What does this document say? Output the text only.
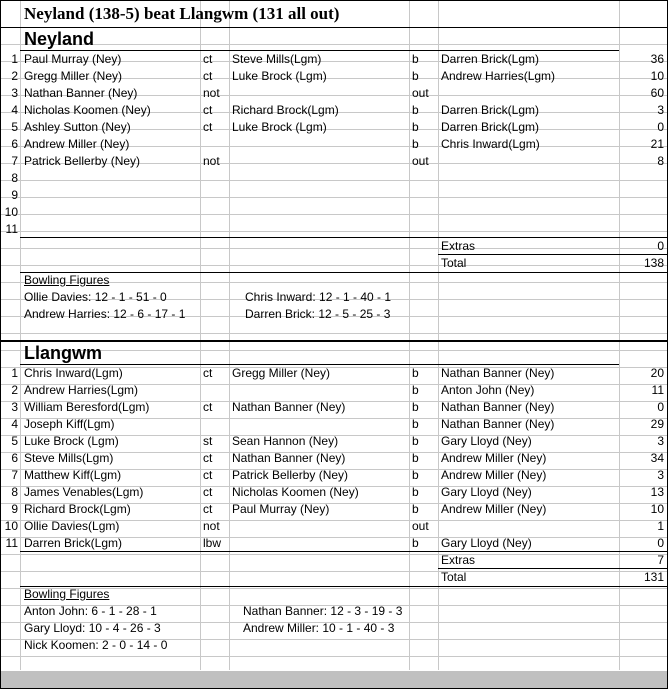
Neyland (138-5) beat Llangwm (131 all out)
Neyland
1 Paul Murray (Ney)	ct Steve Mills(Lgm)	b Darren Brick(Lgm)	36
2 Gregg Miller (Ney)	ct Luke Brock (Lgm)	b Andrew Harries(Lgm)	10
3 Nathan Banner (Ney)	not	out	60
4 Nicholas Koomen (Ney)	ct Richard Brock(Lgm)	b Darren Brick(Lgm)	3
5 Ashley Sutton (Ney)	ct Luke Brock (Lgm)	b Darren Brick(Lgm)	0
6 Andrew Miller (Ney)	b Chris Inward(Lgm)	21
7 Patrick Bellerby (Ney)	not	out	8
8
9
10
11
Extras	0
Total	138
Bowling Figures
Ollie Davies: 12 - 1 - 51 - 0	Chris Inward: 12 - 1 - 40 - 1
Andrew Harries: 12 - 6 - 17 - 1	Darren Brick: 12 - 5 - 25 - 3
Llangwm
1 Chris Inward(Lgm)	ct Gregg Miller (Ney)	b Nathan Banner (Ney)	20
2 Andrew Harries(Lgm)	b Anton John (Ney)	11
3 William Beresford(Lgm)	ct Nathan Banner (Ney)	b Nathan Banner (Ney)	0
4 Joseph Kiff(Lgm)	b Nathan Banner (Ney)	29
5 Luke Brock (Lgm)	st Sean Hannon (Ney)	b Gary Lloyd (Ney)	3
6 Steve Mills(Lgm)	ct Nathan Banner (Ney)	b Andrew Miller (Ney)	34
7 Matthew Kiff(Lgm)	ct Patrick Bellerby (Ney)	b Andrew Miller (Ney)	3
8 James Venables(Lgm)	ct Nicholas Koomen (Ney)	b Gary Lloyd (Ney)	13
9 Richard Brock(Lgm)	ct Paul Murray (Ney)	b Andrew Miller (Ney)	10
10 Ollie Davies(Lgm)	not	out	1
11 Darren Brick(Lgm)	lbw	b Gary Lloyd (Ney)	0
Extras	7
Total	131
Bowling Figures
Anton John: 6 - 1 - 28 - 1	Nathan Banner: 12 - 3 - 19 - 3
Gary Lloyd: 10 - 4 - 26 - 3	Andrew Miller: 10 - 1 - 40 - 3
Nick Koomen: 2 - 0 - 14 - 0
